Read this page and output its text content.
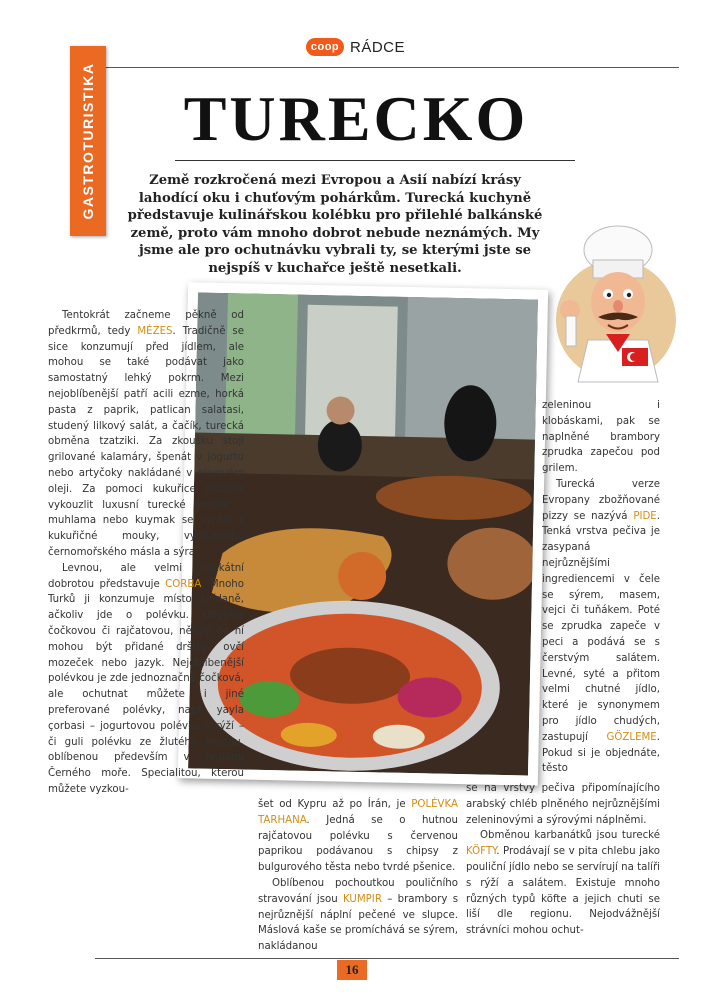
coop RÁDCE
GASTROTURISTIKA	TURECKO

Země rozkročená mezi Evropou a Asií nabízí krásy lahodící oku i chuťovým pohárkům. Turecká kuchyně představuje kulinářskou kolébku pro přilehlé balkánské země, proto vám mnoho dobrot nebude neznámých. My jsme ale pro ochutnávku vybrali ty, se kterými jste se nejspíš v kuchařce ještě nesetkali.

Tentokrát začneme pěkně od předkrmů, tedy MÉZES. Tradičně se sice konzumují před jídlem, ale mohou se také podávat jako samostatný lehký pokrm. Mezi nejoblíbenější patří acili ezme, horká pasta z paprik, patlican salatasi, studený lilkový salát, a čačík, turecká obměna tzatziki. Za zkoušku stojí grilované kalamáry, špenát v jogurtu nebo artyčoky nakládané v olivovém oleji. Za pomoci kukuřice můžete vykouzlit luxusní turecké fondue – muhlama nebo kuymak se vyrábí z kukuřičné mouky, vynikajícího černomořského másla a sýra.

Levnou, ale velmi delikátní dobrotou představuje CORBA. Mnoho Turků ji konzumuje místo snídaně, ačkoliv jde o polévku. Obvykle čočkovou či rajčatovou, někdy do ní mohou být přidané dršťky, ovčí mozeček nebo jazyk. Nejoblíbenější polévkou je zde jednoznačně čočková, ale ochutnat můžete i jiné preferované polévky, např. yayla çorbasi – jogurtovou polévku s rýží – či guli polévku ze žlutého hrachu, oblíbenou především v regionu Černého moře. Specialitou, kterou můžete vyzkou-

šet od Kypru až po Írán, je POLÉVKA TARHANA. Jedná se o hutnou rajčatovou polévku s červenou paprikou podávanou s chipsy z bulgurového těsta nebo tvrdé pšenice.

Oblíbenou pochoutkou pouličního stravování jsou KUMPIR – brambory s nejrůznější náplní pečené ve slupce. Máslová kaše se promíchává se sýrem, nakládanou

zeleninou i klobáskami, pak se naplněné brambory zprudka zapečou pod grilem.

Turecká verze Evropany zbožňované pizzy se nazývá PIDE. Tenká vrstva pečiva je zasypaná nejrůznějšími ingrediencemi v čele se sýrem, masem, vejci či tuňákem. Poté se zprudka zapeče v peci a podává se s čerstvým salátem. Levné, syté a přitom velmi chutné jídlo, které je synonymem pro jídlo chudých, zastupují GÖZLEME. Pokud si je objednáte, těsto

se na vrstvy pečiva připomínajícího arabský chléb plněného nejrůznějšími zeleninovými a sýrovými náplněmi.

Obměnou karbanátků jsou turecké KÖFTY. Prodávají se v pita chlebu jako pouliční jídlo nebo se servírují na talíři s rýží a salátem. Existuje mnoho různých typů köfte a jejich chuti se liší dle regionu. Nejodvážnější strávníci mohou ochut-

16
